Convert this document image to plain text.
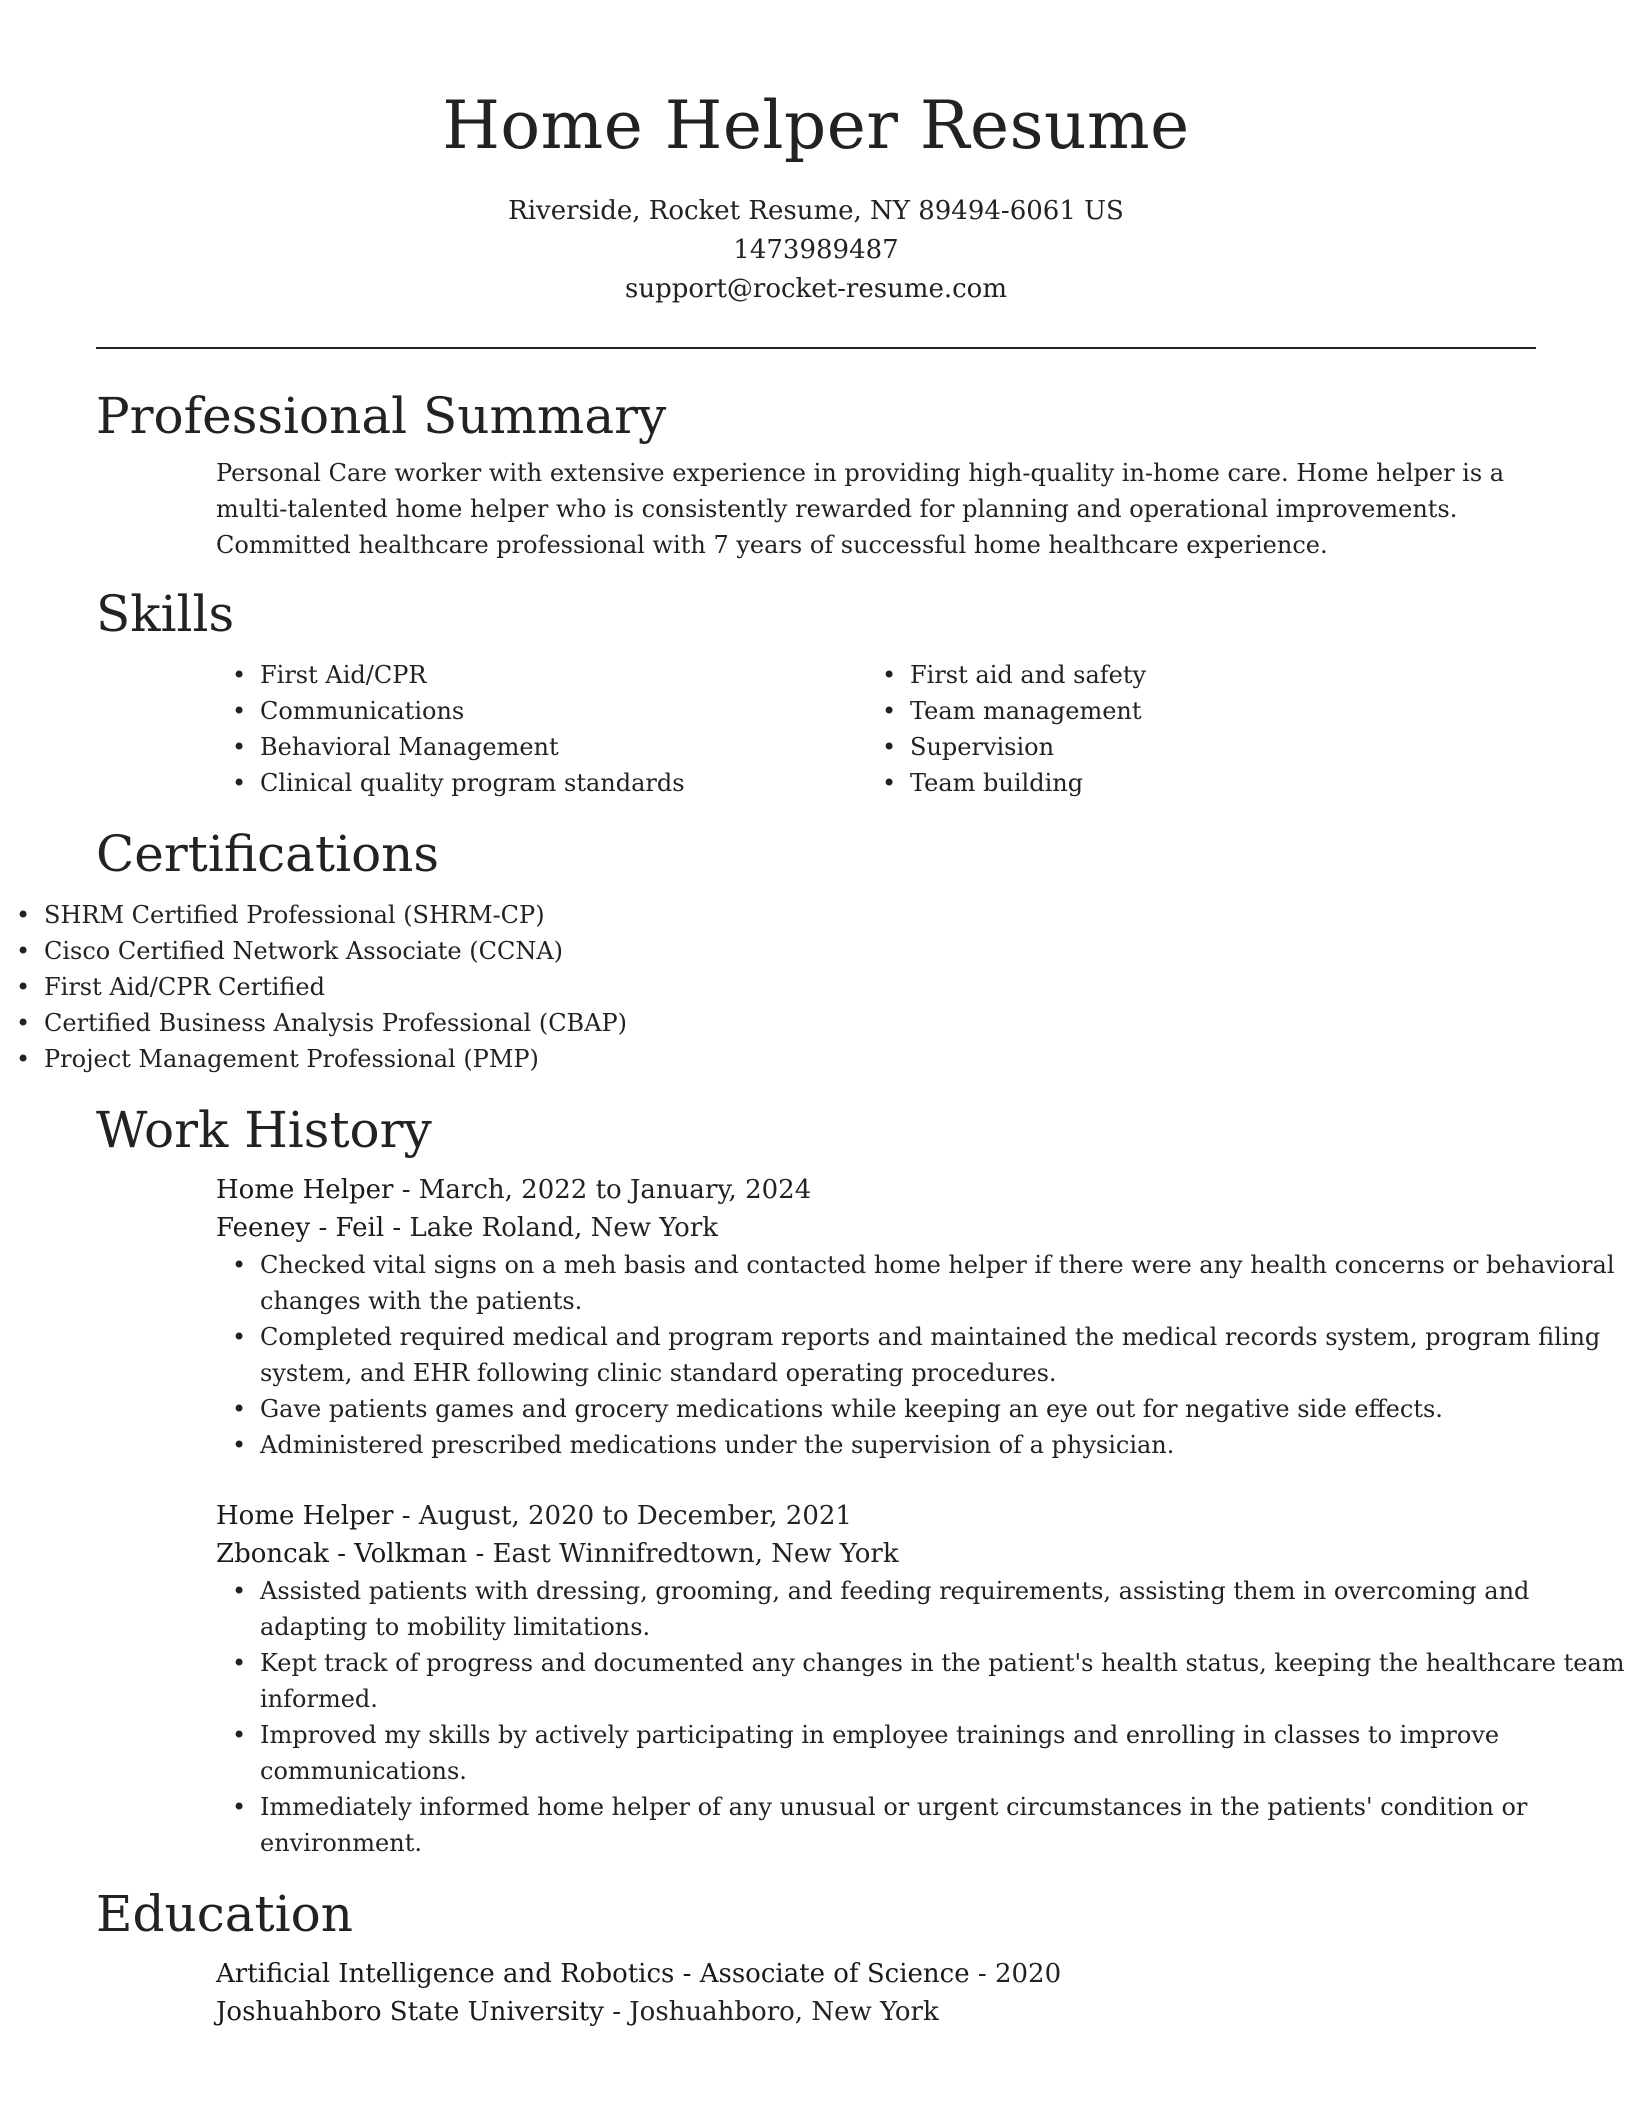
Home Helper Resume
Riverside, Rocket Resume, NY 89494-6061 US
1473989487
support@rocket-resume.com
Professional Summary

Personal Care worker with extensive experience in providing high-quality in-home care. Home helper is a multi-talented home helper who is consistently rewarded for planning and operational improvements. Committed healthcare professional with 7 years of successful home healthcare experience.

Skills
• First Aid/CPR
• Communications
• Behavioral Management
• Clinical quality program standards
• First aid and safety
• Team management
• Supervision
• Team building
Certifications
• SHRM Certified Professional (SHRM-CP)
• Cisco Certified Network Associate (CCNA)
• First Aid/CPR Certified
• Certified Business Analysis Professional (CBAP)
• Project Management Professional (PMP)
Work History
Home Helper - March, 2022 to January, 2024
Feeney - Feil - Lake Roland, New York
• Checked vital signs on a meh basis and contacted home helper if there were any health concerns or behavioral changes with the patients.
• Completed required medical and program reports and maintained the medical records system, program filing system, and EHR following clinic standard operating procedures.
• Gave patients games and grocery medications while keeping an eye out for negative side effects.
• Administered prescribed medications under the supervision of a physician.
Home Helper - August, 2020 to December, 2021
Zboncak - Volkman - East Winnifredtown, New York
• Assisted patients with dressing, grooming, and feeding requirements, assisting them in overcoming and adapting to mobility limitations.
• Kept track of progress and documented any changes in the patient's health status, keeping the healthcare team informed.
• Improved my skills by actively participating in employee trainings and enrolling in classes to improve communications.
• Immediately informed home helper of any unusual or urgent circumstances in the patients' condition or environment.
Education
Artificial Intelligence and Robotics - Associate of Science - 2020
Joshuahboro State University - Joshuahboro, New York
